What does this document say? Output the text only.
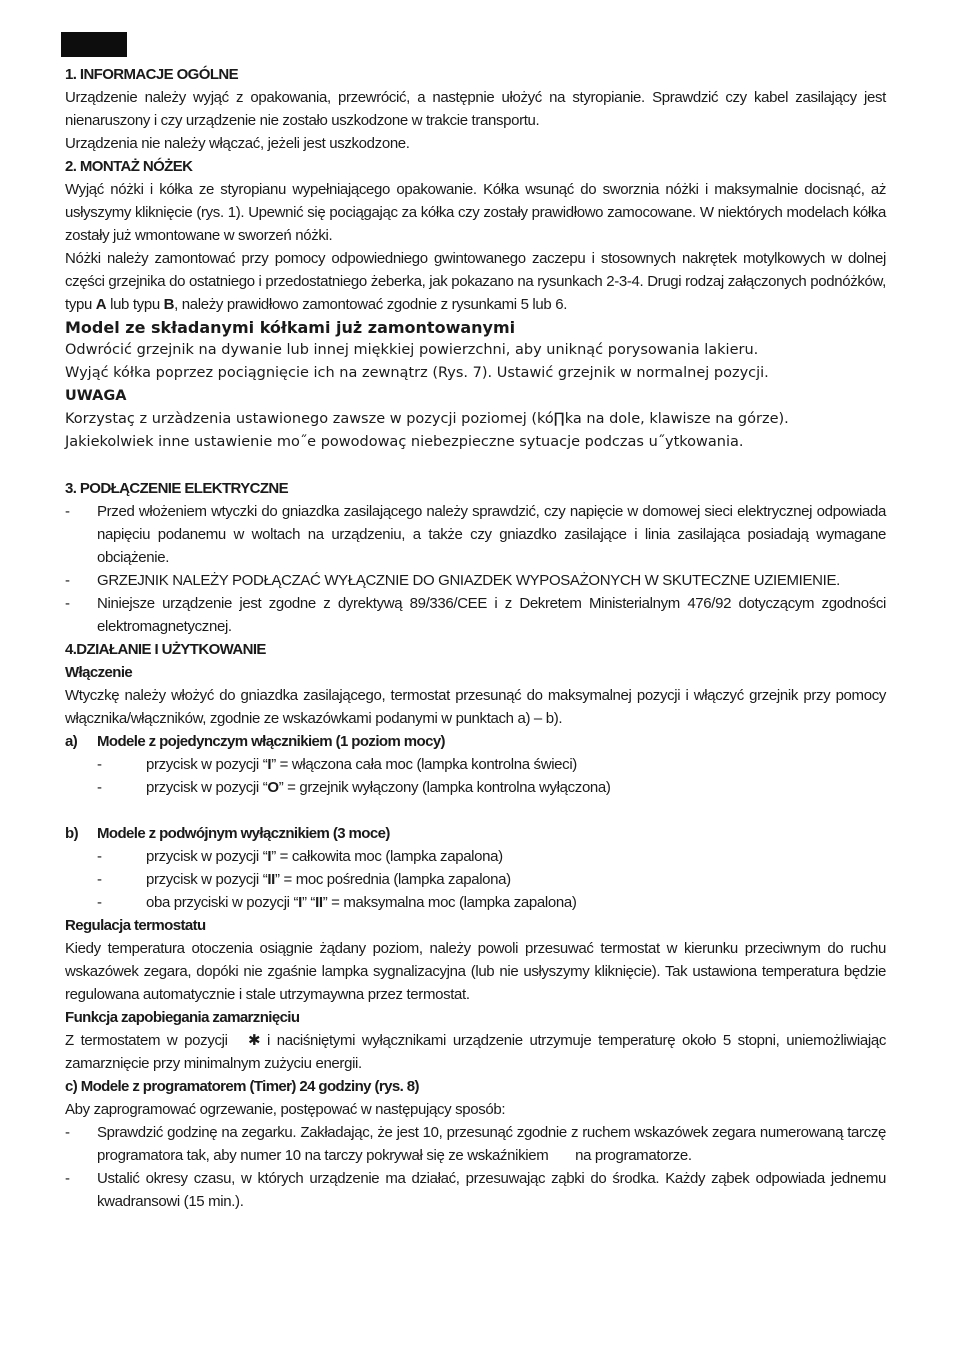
1. INFORMACJE OGÓLNE
Urządzenie należy wyjąć z opakowania, przewrócić, a następnie ułożyć na styropianie. Sprawdzić czy kabel zasilający jest nienaruszony i czy urządzenie nie zostało uszkodzone w trakcie transportu.
Urządzenia nie należy włączać, jeżeli jest uszkodzone.
2. MONTAŻ NÓŻEK
Wyjąć nóżki i kółka ze styropianu wypełniającego opakowanie. Kółka wsunąć do sworznia nóżki i maksymalnie docisnąć, aż usłyszymy kliknięcie (rys. 1). Upewnić się pociągając za kółka czy zostały prawidłowo zamocowane. W niektórych modelach kółka zostały już wmontowane w sworzeń nóżki.
Nóżki należy zamontować przy pomocy odpowiedniego gwintowanego zaczepu i stosownych nakrętek motylkowych w dolnej części grzejnika do ostatniego i przedostatniego żeberka, jak pokazano na rysunkach 2-3-4. Drugi rodzaj załączonych podnóżków, typu A lub typu B, należy prawidłowo zamontować zgodnie z rysunkami 5 lub 6.
Model ze składanymi kółkami już zamontowanymi
Odwrócić grzejnik na dywanie lub innej miękkiej powierzchni, aby uniknąć porysowania lakieru.
Wyjąć kółka poprzez pociągnięcie ich na zewnątrz (Rys. 7). Ustawić grzejnik w normalnej pozycji.
UWAGA
Korzystaç z urzàdzenia ustawionego zawsze w pozycji poziomej (kó∏ka na dole, klawisze na górze).
Jakiekolwiek inne ustawienie mo˝e powodowaç niebezpieczne sytuacje podczas u˝ytkowania.
3. PODŁĄCZENIE ELEKTRYCZNE
-	Przed włożeniem wtyczki do gniazdka zasilającego należy sprawdzić, czy napięcie w domowej sieci elektrycznej odpowiada napięciu podanemu w woltach na urządzeniu, a także czy gniazdko zasilające i linia zasilająca posiadają wymagane obciążenie.
-	GRZEJNIK NALEŻY PODŁĄCZAĆ WYŁĄCZNIE DO GNIAZDEK WYPOSAŻONYCH W SKUTECZNE UZIEMIENIE.
-	Niniejsze urządzenie jest zgodne z dyrektywą 89/336/CEE i z Dekretem Ministerialnym 476/92 dotyczącym zgodności elektromagnetycznej.
4.DZIAŁANIE I UŻYTKOWANIE
Włączenie
Wtyczkę należy włożyć do gniazdka zasilającego, termostat przesunąć do maksymalnej pozycji i włączyć grzejnik przy pomocy włącznika/włączników, zgodnie ze wskazówkami podanymi w punktach a) – b).
a)	Modele z pojedynczym włącznikiem (1 poziom mocy)
-	przycisk w pozycji “I” = włączona cała moc (lampka kontrolna świeci)
-	przycisk w pozycji “O” = grzejnik wyłączony (lampka kontrolna wyłączona)
b)	Modele z podwójnym wyłącznikiem (3 moce)
-	przycisk w pozycji “I” = całkowita moc (lampka zapalona)
-	przycisk w pozycji “II” = moc pośrednia (lampka zapalona)
-	oba przyciski w pozycji “I” “II” = maksymalna moc (lampka zapalona)
Regulacja termostatu
Kiedy temperatura otoczenia osiągnie żądany poziom, należy powoli przesuwać termostat w kierunku przeciwnym do ruchu wskazówek zegara, dopóki nie zgaśnie lampka sygnalizacyjna (lub nie usłyszymy kliknięcie). Tak ustawiona temperatura będzie regulowana automatycznie i stale utrzymaywna przez termostat.
Funkcja zapobiegania zamarznięciu
Z termostatem w pozycji   ✱ i naciśniętymi wyłącznikami urządzenie utrzymuje temperaturę około 5 stopni, uniemożliwiając zamarznięcie przy minimalnym zużyciu energii.
c) Modele z programatorem (Timer) 24 godziny (rys. 8)
Aby zaprogramować ogrzewanie, postępować w następujący sposób:
-	Sprawdzić godzinę na zegarku. Zakładając, że jest 10, przesunąć zgodnie z ruchem wskazówek zegara numerowaną tarczę programatora tak, aby numer 10 na tarczy pokrywał się ze wskaźnikiem       na programatorze.
-	Ustalić okresy czasu, w których urządzenie ma działać, przesuwając ząbki do środka. Każdy ząbek odpowiada jednemu kwadransowi (15 min.).
